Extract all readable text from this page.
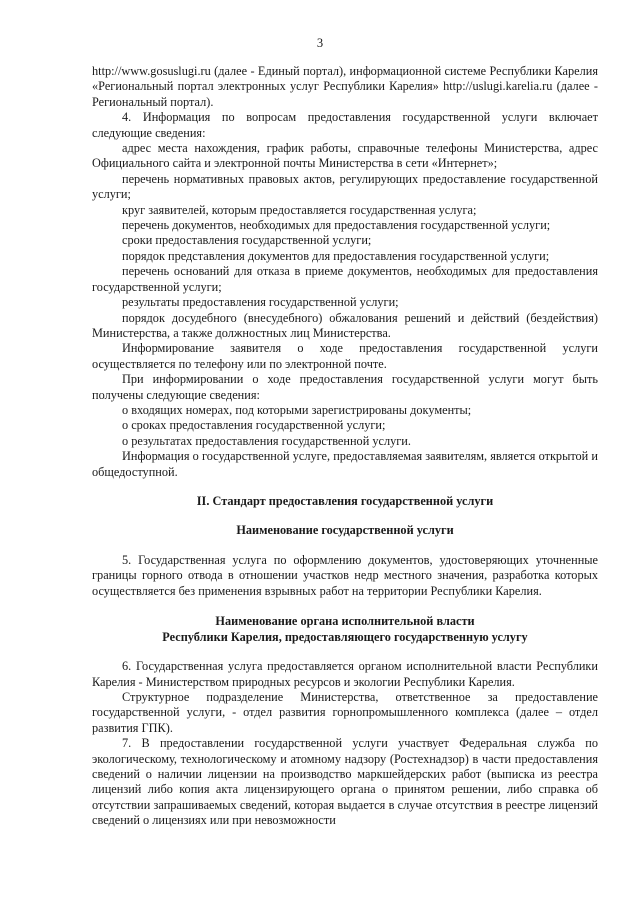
3

http://www.gosuslugi.ru (далее - Единый портал), информационной системе Республики Карелия «Региональный портал электронных услуг Республики Карелия» http://uslugi.karelia.ru (далее - Региональный портал).

4. Информация по вопросам предоставления государственной услуги включает следующие сведения:

адрес места нахождения, график работы, справочные телефоны Министерства, адрес Официального сайта и электронной почты Министерства в сети «Интернет»;

перечень нормативных правовых актов, регулирующих предоставление государственной услуги;

круг заявителей, которым предоставляется государственная услуга;

перечень документов, необходимых для предоставления государственной услуги;

сроки предоставления государственной услуги;

порядок представления документов для предоставления государственной услуги;

перечень оснований для отказа в приеме документов, необходимых для предоставления государственной услуги;

результаты предоставления государственной услуги;

порядок досудебного (внесудебного) обжалования решений и действий (бездействия) Министерства, а также должностных лиц Министерства.

Информирование заявителя о ходе предоставления государственной услуги осуществляется по телефону или по электронной почте.

При информировании о ходе предоставления государственной услуги могут быть получены следующие сведения:

о входящих номерах, под которыми зарегистрированы документы;

о сроках предоставления государственной услуги;

о результатах предоставления государственной услуги.

Информация о государственной услуге, предоставляемая заявителям, является открытой и общедоступной.

II. Стандарт предоставления государственной услуги

Наименование государственной услуги

5. Государственная услуга по оформлению документов, удостоверяющих уточненные границы горного отвода в отношении участков недр местного значения, разработка которых осуществляется без применения взрывных работ на территории Республики Карелия.

Наименование органа исполнительной власти

Республики Карелия, предоставляющего государственную услугу

6. Государственная услуга предоставляется органом исполнительной власти Республики Карелия - Министерством природных ресурсов и экологии Республики Карелия.

Структурное подразделение Министерства, ответственное за предоставление государственной услуги, - отдел развития горнопромышленного комплекса (далее – отдел развития ГПК).

7. В предоставлении государственной услуги участвует Федеральная служба по экологическому, технологическому и атомному надзору (Ростехнадзор) в части предоставления сведений о наличии лицензии на производство маркшейдерских работ (выписка из реестра лицензий либо копия акта лицензирующего органа о принятом решении, либо справка об отсутствии запрашиваемых сведений, которая выдается в случае отсутствия в реестре лицензий сведений о лицензиях или при невозможности
